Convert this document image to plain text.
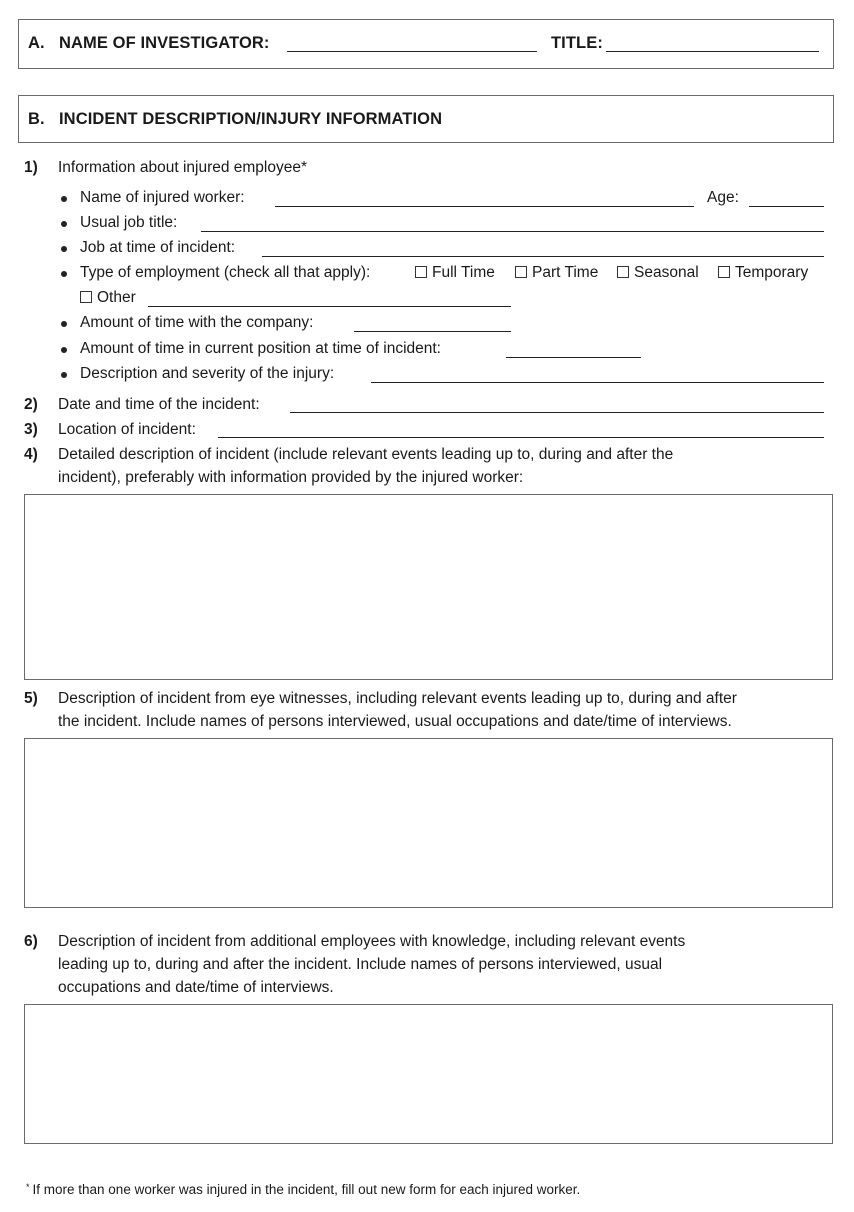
A. NAME OF INVESTIGATOR:	TITLE:
B. INCIDENT DESCRIPTION/INJURY INFORMATION
1) Information about injured employee*
Name of injured worker:	Age:
Usual job title:
Job at time of incident:
Type of employment (check all that apply):	Full Time	Part Time	Seasonal	Temporary
Other
Amount of time with the company:
Amount of time in current position at time of incident:
Description and severity of the injury:
2) Date and time of the incident:
3) Location of incident:
4) Detailed description of incident (include relevant events leading up to, during and after the
incident), preferably with information provided by the injured worker:
5) Description of incident from eye witnesses, including relevant events leading up to, during and after
the incident. Include names of persons interviewed, usual occupations and date/time of interviews.
6) Description of incident from additional employees with knowledge, including relevant events
leading up to, during and after the incident. Include names of persons interviewed, usual
occupations and date/time of interviews.
* If more than one worker was injured in the incident, fill out new form for each injured worker.
